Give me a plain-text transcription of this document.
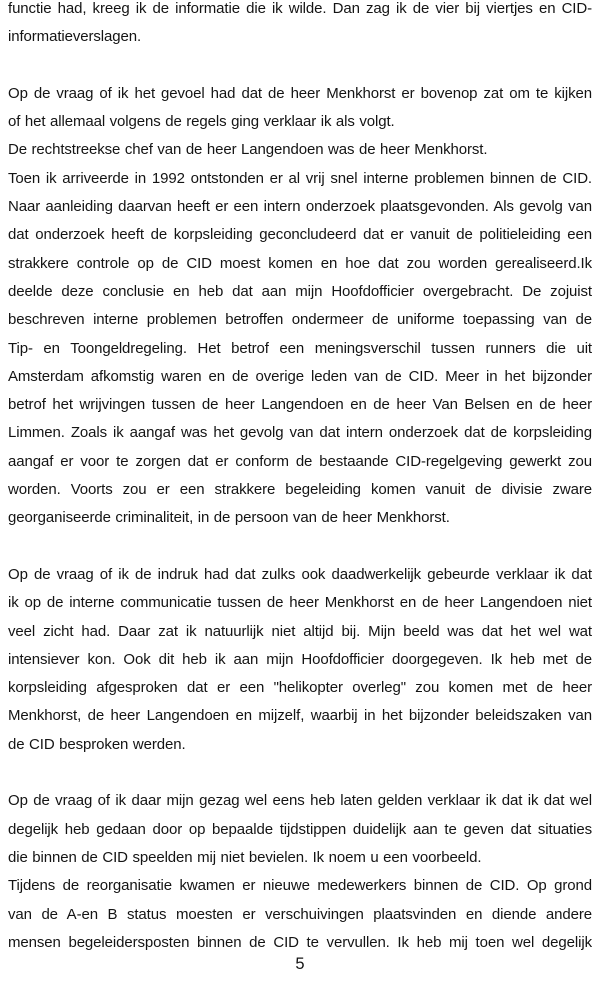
functie had, kreeg ik de informatie die ik wilde. Dan zag ik de vier bij viertjes en CID-
informatieverslagen.
Op de vraag of ik het gevoel had dat de heer Menkhorst er bovenop zat om te kijken
of het allemaal volgens de regels ging verklaar ik als volgt.
De rechtstreekse chef van de heer Langendoen was de heer Menkhorst.
Toen ik arriveerde in 1992 ontstonden er al vrij snel interne problemen binnen de CID.
Naar aanleiding daarvan heeft er een intern onderzoek plaatsgevonden. Als gevolg van
dat onderzoek heeft de korpsleiding geconcludeerd dat er vanuit de politieleiding een
strakkere controle op de CID moest komen en hoe dat zou worden gerealiseerd.Ik
deelde deze conclusie en heb dat aan mijn Hoofdofficier overgebracht. De zojuist
beschreven interne problemen betroffen ondermeer de uniforme toepassing van de
Tip- en Toongeldregeling. Het betrof een meningsverschil tussen runners die uit
Amsterdam afkomstig waren en de overige leden van de CID. Meer in het bijzonder
betrof het wrijvingen tussen de heer Langendoen en de heer Van Belsen en de heer
Limmen. Zoals ik aangaf was het gevolg van dat intern onderzoek dat de korpsleiding
aangaf er voor te zorgen dat er conform de bestaande CID-regelgeving gewerkt zou
worden. Voorts zou er een strakkere begeleiding komen vanuit de divisie zware
georganiseerde criminaliteit, in de persoon van de heer Menkhorst.
Op de vraag of ik de indruk had dat zulks ook daadwerkelijk gebeurde verklaar ik dat
ik op de interne communicatie tussen de heer Menkhorst en de heer Langendoen niet
veel zicht had. Daar zat ik natuurlijk niet altijd bij. Mijn beeld was dat het wel wat
intensiever kon. Ook dit heb ik aan mijn Hoofdofficier doorgegeven. Ik heb met de
korpsleiding afgesproken dat er een "helikopter overleg" zou komen met de heer
Menkhorst, de heer Langendoen en mijzelf, waarbij in het bijzonder beleidszaken van
de CID besproken werden.
Op de vraag of ik daar mijn gezag wel eens heb laten gelden verklaar ik dat ik dat wel
degelijk heb gedaan door op bepaalde tijdstippen duidelijk aan te geven dat situaties
die binnen de CID speelden mij niet bevielen. Ik noem u een voorbeeld.
Tijdens de reorganisatie kwamen er nieuwe medewerkers binnen de CID. Op grond
van de A-en B status moesten er verschuivingen plaatsvinden en diende andere
mensen begeleidersposten binnen de CID te vervullen. Ik heb mij toen wel degelijk
5
